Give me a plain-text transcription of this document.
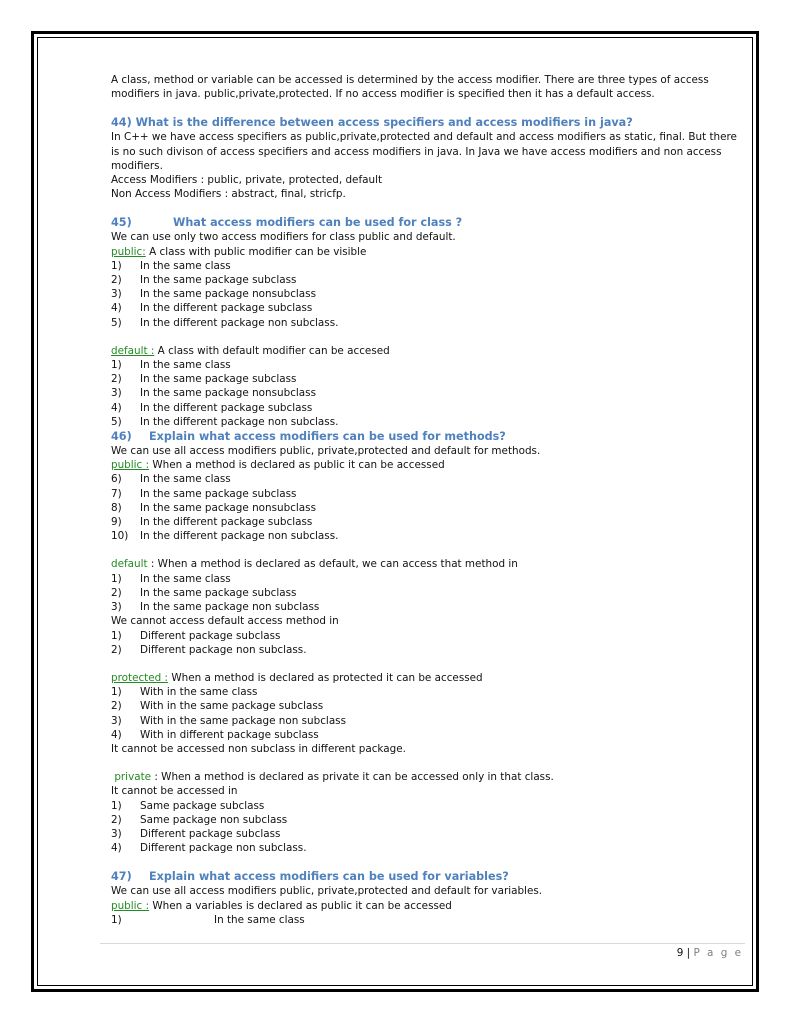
A class, method or variable can be accessed is determined by the access modifier. There are three types of access modifiers in java. public,private,protected. If no access modifier is specified then it has a default access.

44) What is the difference between access specifiers and access modifiers in java?

In C++ we have access specifiers as public,private,protected and default and access modifiers as static, final. But there is no such divison of access specifiers and access modifiers in java. In Java we have access modifiers and non access modifiers.

Access Modifiers : public, private, protected, default

Non Access Modifiers : abstract, final, stricfp.

45)	What access modifiers can be used for class ?

We can use only two access modifiers for class public and default.

public: A class with public modifier can be visible

1) In the same class

2) In the same package subclass

3) In the same package nonsubclass

4) In the different package subclass

5) In the different package non subclass.

default : A class with default modifier can be accesed

1) In the same class

2) In the same package subclass

3) In the same package nonsubclass

4) In the different package subclass

5) In the different package non subclass.

46) Explain what access modifiers can be used for methods?

We can use all access modifiers public, private,protected and default for methods.

public : When a method is declared as public it can be accessed

6) In the same class

7) In the same package subclass

8) In the same package nonsubclass

9) In the different package subclass

10) In the different package non subclass.

default : When a method is declared as default, we can access that method in

1) In the same class

2) In the same package subclass

3) In the same package non subclass

We cannot access default access method in

1) Different package subclass

2) Different package non subclass.

protected : When a method is declared as protected it can be accessed

1) With in the same class

2) With in the same package subclass

3) With in the same package non subclass

4) With in different package subclass

It cannot be accessed non subclass in different package.

private : When a method is declared as private it can be accessed only in that class.

It cannot be accessed in

1) Same package subclass

2) Same package non subclass

3) Different package subclass

4) Different package non subclass.

47) Explain what access modifiers can be used for variables?

We can use all access modifiers public, private,protected and default for variables.

public : When a variables is declared as public it can be accessed

1)	In the same class

9 | P a g e
